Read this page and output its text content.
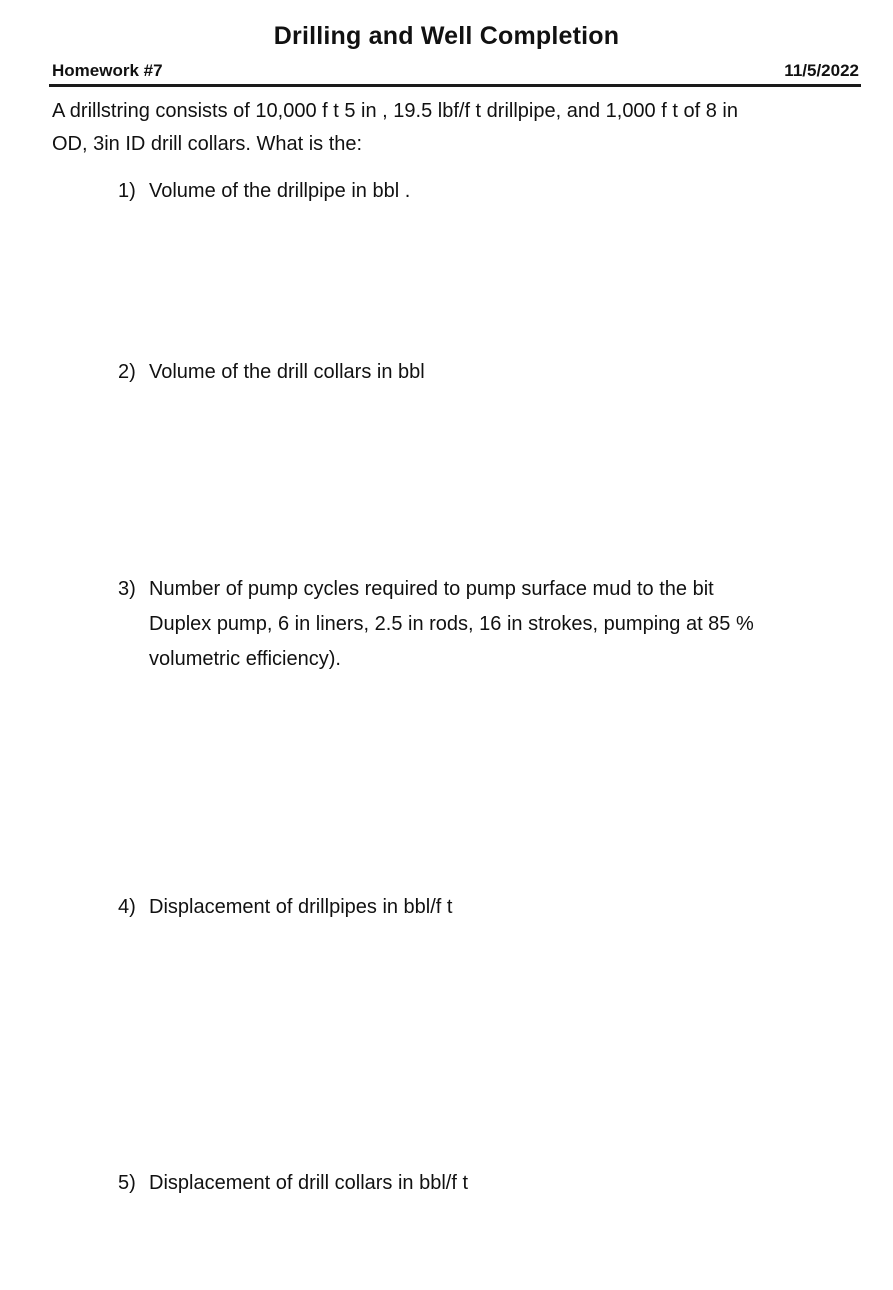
Drilling and Well Completion
Homework #7	11/5/2022
A drillstring consists of 10,000 f t 5 in , 19.5 lbf/f t drillpipe, and 1,000 f t of 8 in
OD, 3in ID drill collars. What is the:
1) Volume of the drillpipe in bbl .
2) Volume of the drill collars in bbl
3) Number of pump cycles required to pump surface mud to the bit
Duplex pump, 6 in liners, 2.5 in rods, 16 in strokes, pumping at 85 %
volumetric efficiency).
4) Displacement of drillpipes in bbl/f t
5) Displacement of drill collars in bbl/f t
